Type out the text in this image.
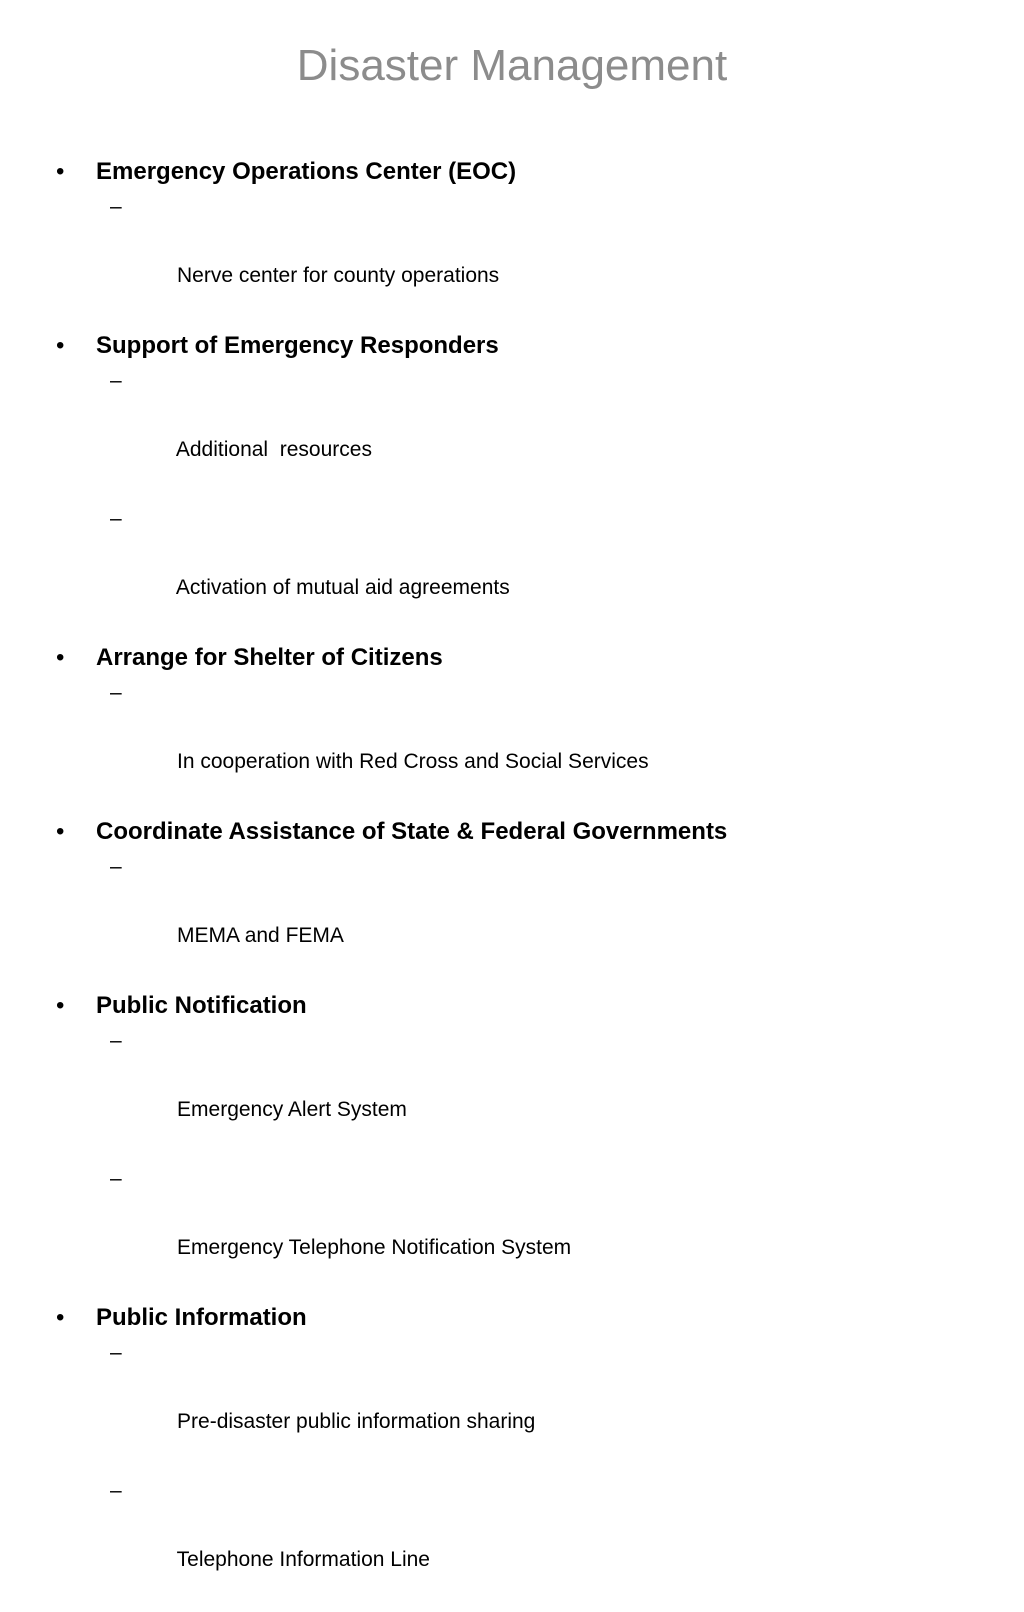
Disaster Management
•	Emergency Operations Center (EOC)

–

Nerve center for county operations

•	Support of Emergency Responders

–

Additional  resources

–

Activation of mutual aid agreements

•	Arrange for Shelter of Citizens

–

In cooperation with Red Cross and Social Services

•	Coordinate Assistance of State & Federal Governments

–

MEMA and FEMA

•	Public Notification

–

Emergency Alert System

–

Emergency Telephone Notification System

•	Public Information

–

Pre-disaster public information sharing

–

Telephone Information Line
